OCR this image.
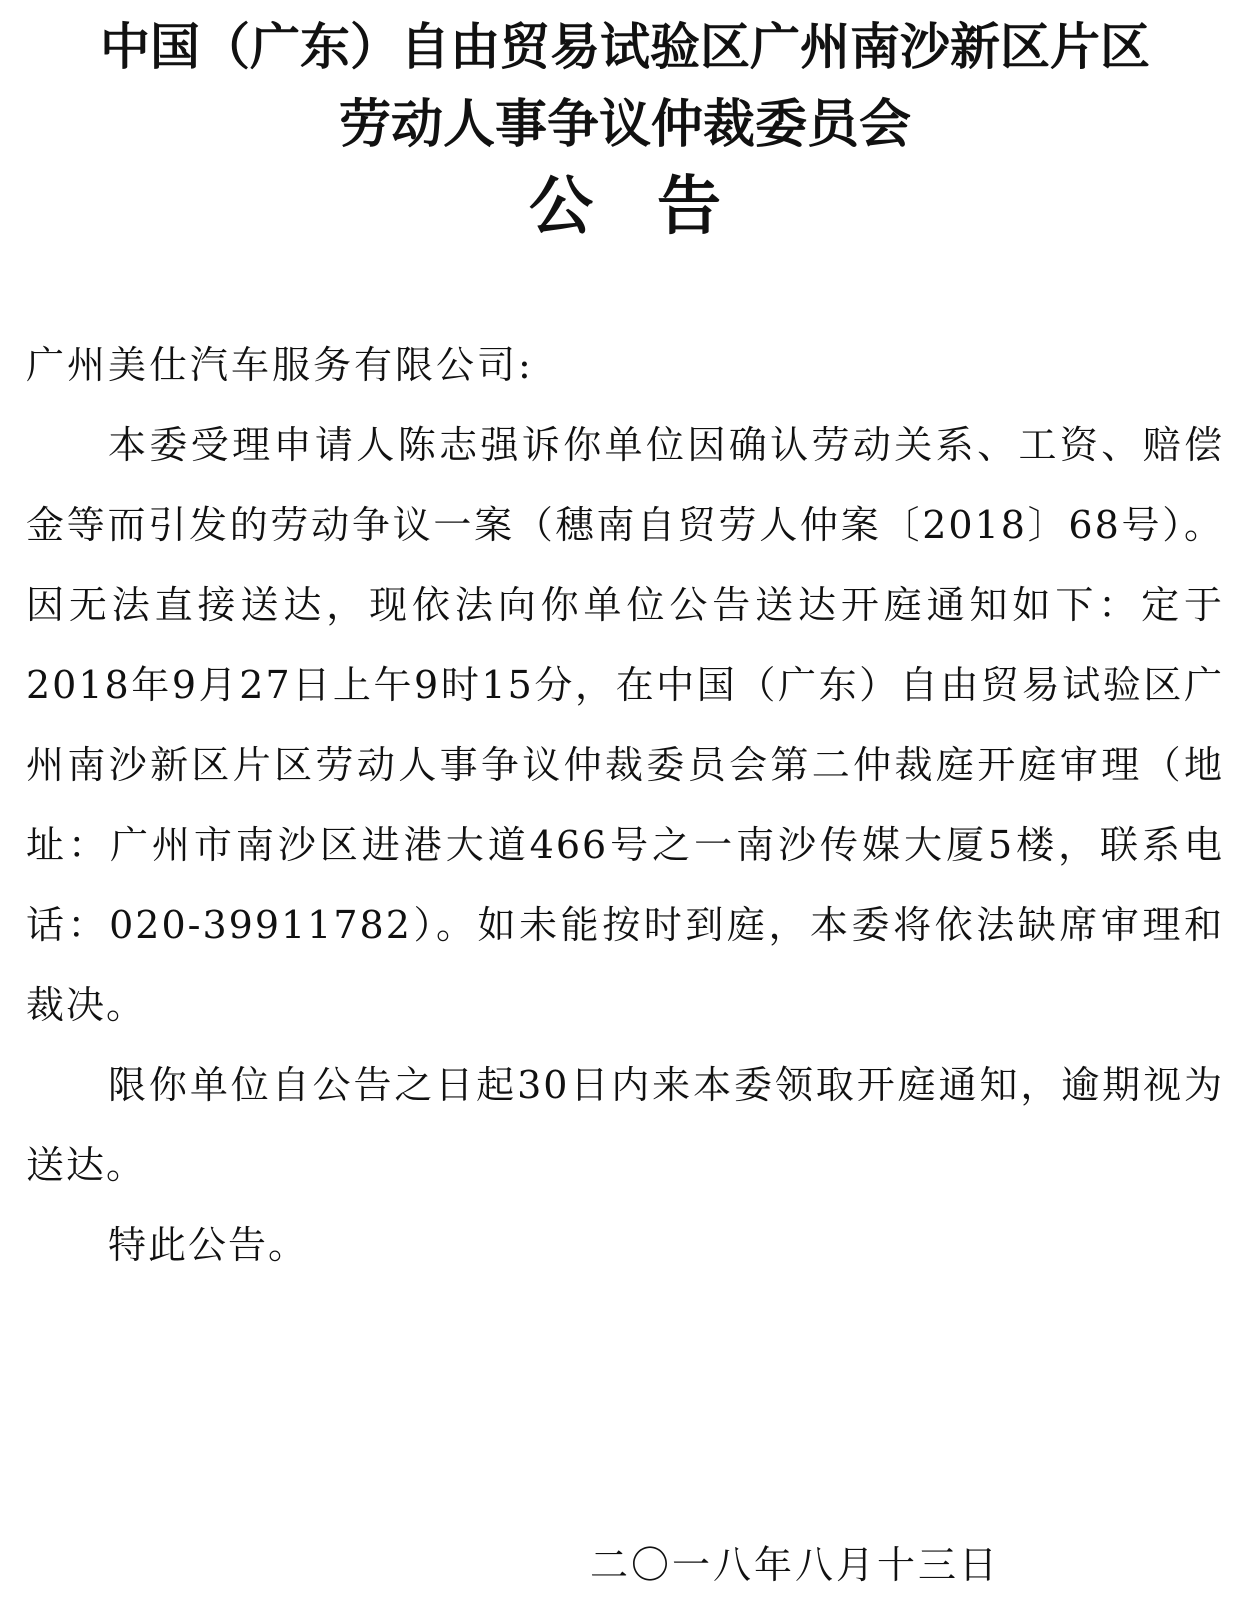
中国（广东）自由贸易试验区广州南沙新区片区
劳动人事争议仲裁委员会
公告

广州美仕汽车服务有限公司:

本委受理申请人陈志强诉你单位因确认劳动关系、工资、赔偿金等而引发的劳动争议一案（穗南自贸劳人仲案〔2018〕68号）。因无法直接送达，现依法向你单位公告送达开庭通知如下：定于2018年9月27日上午9时15分，在中国（广东）自由贸易试验区广州南沙新区片区劳动人事争议仲裁委员会第二仲裁庭开庭审理（地址：广州市南沙区进港大道466号之一南沙传媒大厦5楼，联系电话：020-39911782）。如未能按时到庭，本委将依法缺席审理和裁决。

限你单位自公告之日起30日内来本委领取开庭通知，逾期视为送达。

特此公告。

二〇一八年八月十三日
